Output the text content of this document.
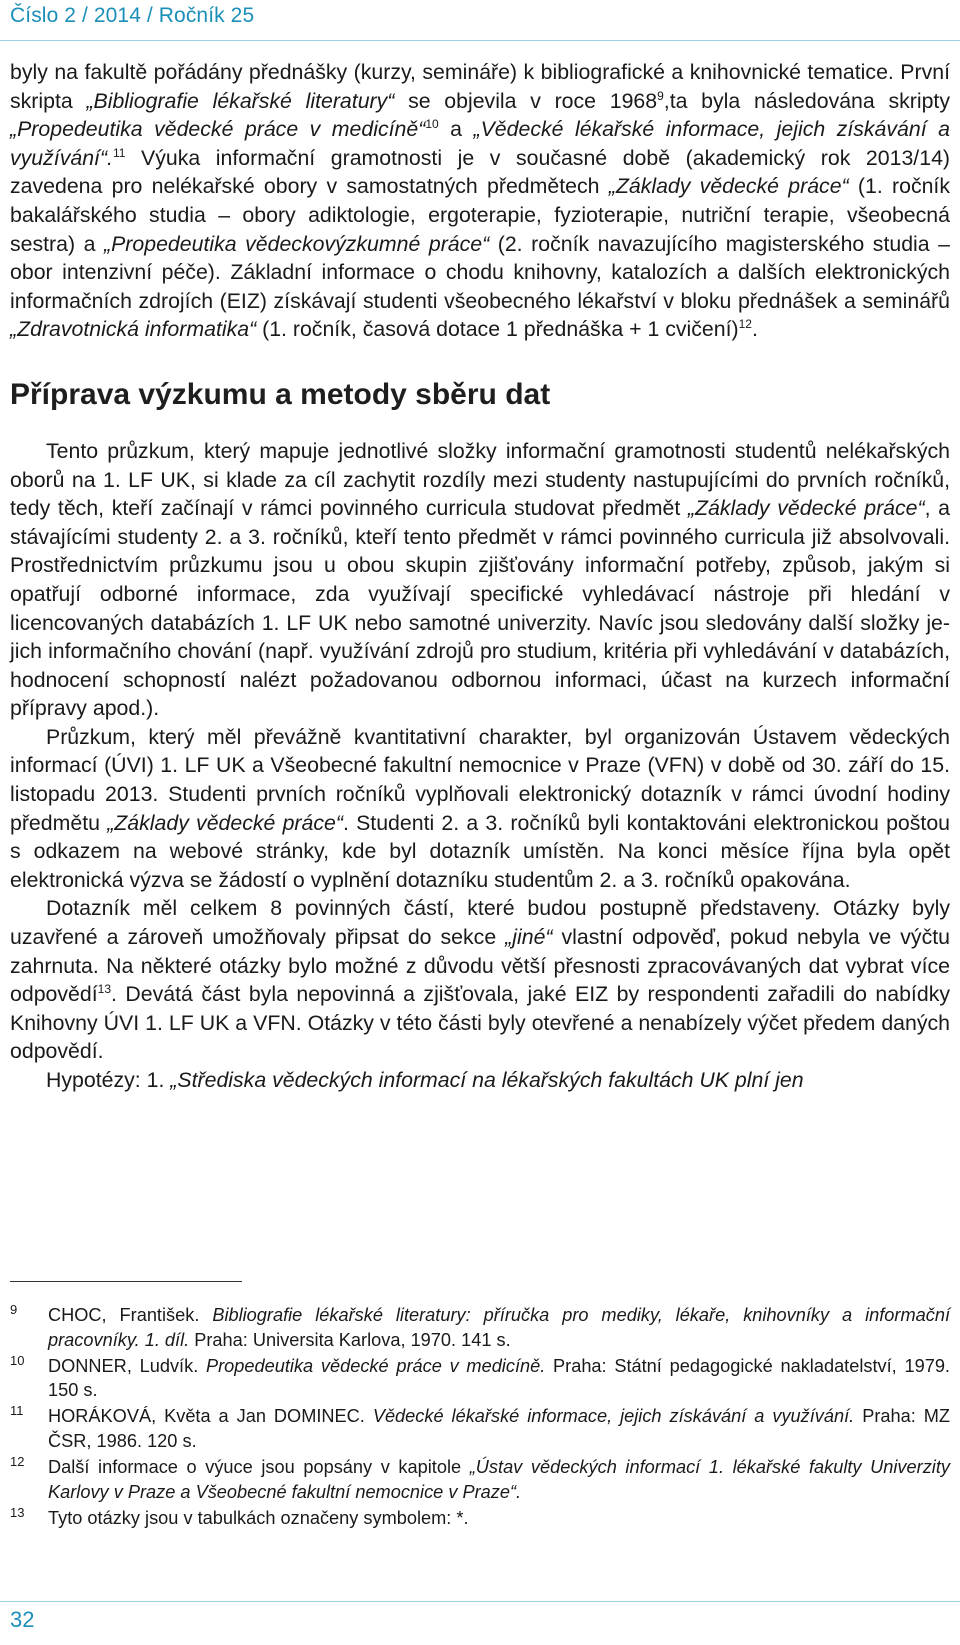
Číslo 2 / 2014 / Ročník 25

byly na fakultě pořádány přednášky (kurzy, semináře) k bibliografické a knihovnické tematice. První skripta „Bibliografie lékařské literatury“ se objevila v roce 1968$^9$,ta byla následována skripty „Propedeutika vědecké práce v medicíně“$^{10}$ a „Vědecké lékařské informace, jejich získávání a využívání“.$^{11}$ Výuka informační gramotnosti je v současné době (akademický rok 2013/14) zavedena pro nelékařské obory v samostatných předmětech „Základy vědecké práce“ (1. ročník bakalářského studia – obory adiktologie, ergoterapie, fyzioterapie, nutriční terapie, všeobecná sestra) a „Propedeutika vědeckovýzkumné práce“ (2. ročník navazujícího magisterského studia – obor intenzivní péče). Základní informace o chodu knihovny, katalozích a dalších elektronických informačních zdrojích (EIZ) získávají studenti všeobecného lékařství v bloku přednášek a seminářů „Zdravotnická informatika“ (1. ročník, časová dotace 1 přednáška + 1 cvičení)$^{12}$.

Příprava výzkumu a metody sběru dat

Tento průzkum, který mapuje jednotlivé složky informační gramotnosti studentů nelékařských oborů na 1. LF UK, si klade za cíl zachytit rozdíly mezi studenty nastupujícími do prvních ročníků, tedy těch, kteří začínají v rámci povinného curricula studovat předmět „Základy vědecké práce“, a stávajícími studenty 2. a 3. ročníků, kteří tento předmět v rámci povinného curricula již absolvovali. Prostřednictvím průzkumu jsou u obou skupin zjišťovány informační potřeby, způsob, jakým si opatřují odborné informace, zda využívají specifické vyhledávací nástroje při hledání v licencovaných databázích 1. LF UK nebo samotné univerzity. Navíc jsou sledovány další složky jejich informačního chování (např. využívání zdrojů pro studium, kritéria při vyhledávání v databázích, hodnocení schopností nalézt požadovanou odbornou informaci, účast na kurzech informační přípravy apod.).

Průzkum, který měl převážně kvantitativní charakter, byl organizován Ústavem vědeckých informací (ÚVI) 1. LF UK a Všeobecné fakultní nemocnice v Praze (VFN) v době od 30. září do 15. listopadu 2013. Studenti prvních ročníků vyplňovali elektronický dotazník v rámci úvodní hodiny předmětu „Základy vědecké práce“. Studenti 2. a 3. ročníků byli kontaktováni elektronickou poštou s odkazem na webové stránky, kde byl dotazník umístěn. Na konci měsíce října byla opět elektronická výzva se žádostí o vyplnění dotazníku studentům 2. a 3. ročníků opakována.

Dotazník měl celkem 8 povinných částí, které budou postupně představeny. Otázky byly uzavřené a zároveň umožňovaly připsat do sekce „jiné“ vlastní odpověď, pokud nebyla ve výčtu zahrnuta. Na některé otázky bylo možné z důvodu větší přesnosti zpracovávaných dat vybrat více odpovědí$^{13}$. Devátá část byla nepovinná a zjišťovala, jaké EIZ by respondenti zařadili do nabídky Knihovny ÚVI 1. LF UK a VFN. Otázky v této části byly otevřené a nenabízely výčet předem daných odpovědí.

Hypotézy: 1. „Střediska vědeckých informací na lékařských fakultách UK plní jen

9 CHOC, František. Bibliografie lékařské literatury: příručka pro mediky, lékaře, knihovníky a informační pracovníky. 1. díl. Praha: Universita Karlova, 1970. 141 s.
10 DONNER, Ludvík. Propedeutika vědecké práce v medicíně. Praha: Státní pedagogické nakladatelství, 1979. 150 s.
11 HORÁKOVÁ, Květa a Jan DOMINEC. Vědecké lékařské informace, jejich získávání a využívání. Praha: MZ ČSR, 1986. 120 s.
12 Další informace o výuce jsou popsány v kapitole „Ústav vědeckých informací 1. lékařské fakulty Univerzity Karlovy v Praze a Všeobecné fakultní nemocnice v Praze“.
13 Tyto otázky jsou v tabulkách označeny symbolem: *.
32
